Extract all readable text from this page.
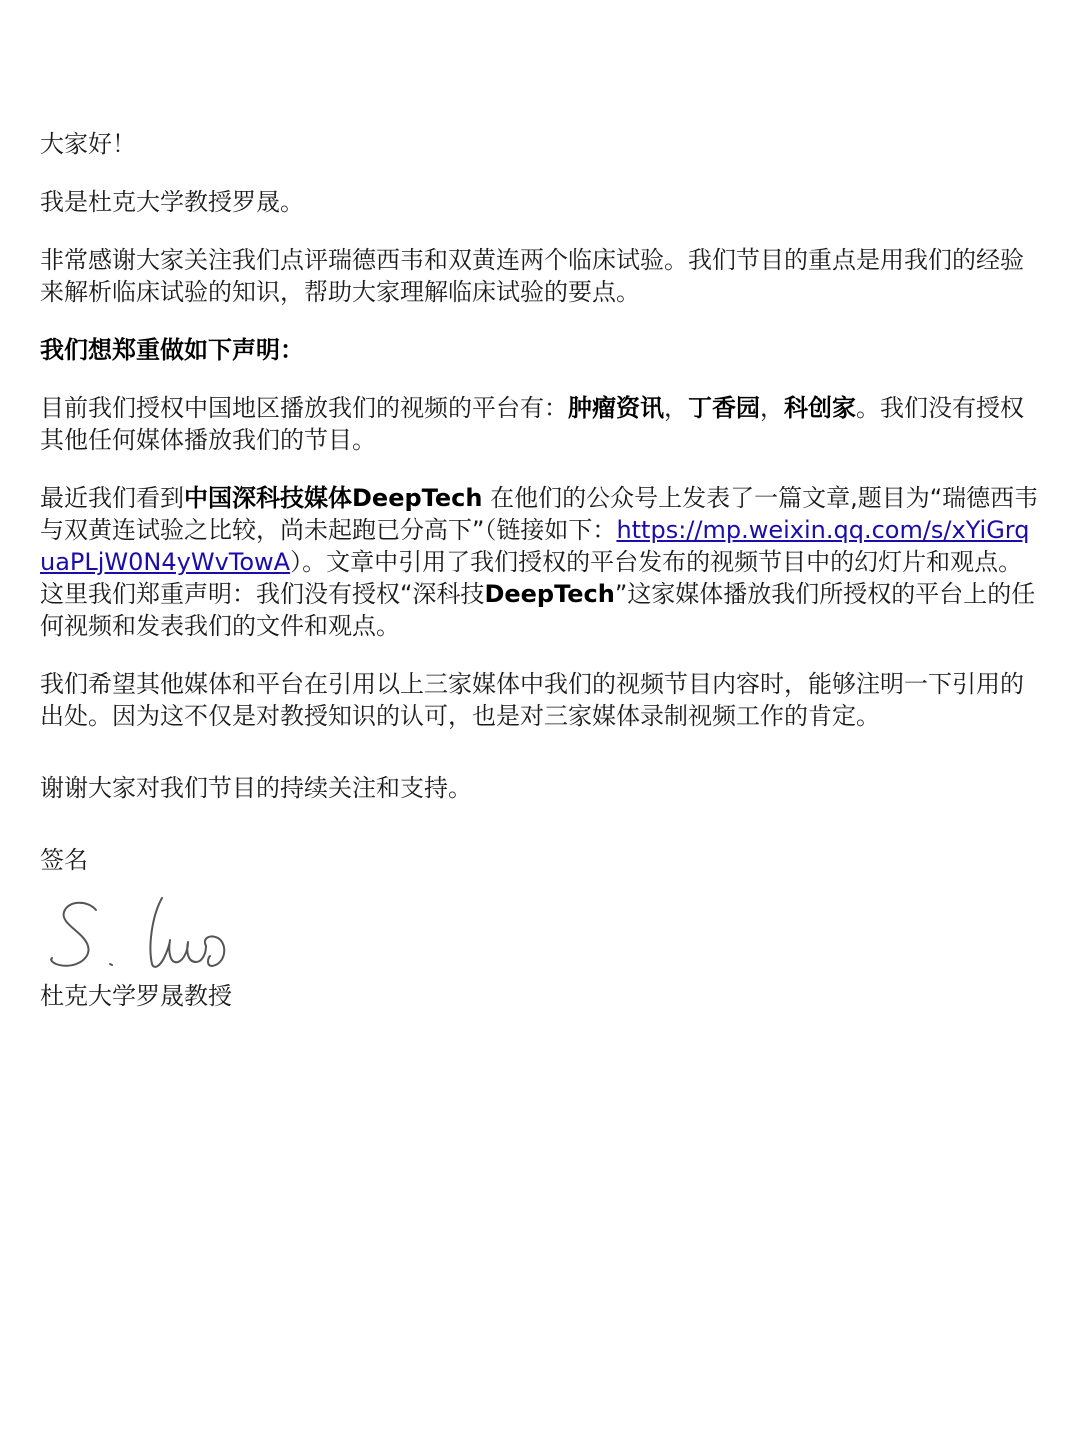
大家好！

我是杜克大学教授罗晟。

非常感谢大家关注我们点评瑞德西韦和双黄连两个临床试验。我们节目的重点是用我们的经验来解析临床试验的知识，帮助大家理解临床试验的要点。

我们想郑重做如下声明：

目前我们授权中国地区播放我们的视频的平台有：肿瘤资讯，丁香园，科创家。我们没有授权其他任何媒体播放我们的节目。

最近我们看到中国深科技媒体DeepTech 在他们的公众号上发表了一篇文章,题目为“瑞德西韦与双黄连试验之比较，尚未起跑已分高下”（链接如下：https://mp.weixin.qq.com/s/xYiGrquaPLjW0N4yWvTowA）。文章中引用了我们授权的平台发布的视频节目中的幻灯片和观点。这里我们郑重声明：我们没有授权“深科技DeepTech”这家媒体播放我们所授权的平台上的任何视频和发表我们的文件和观点。

我们希望其他媒体和平台在引用以上三家媒体中我们的视频节目内容时，能够注明一下引用的出处。因为这不仅是对教授知识的认可，也是对三家媒体录制视频工作的肯定。

谢谢大家对我们节目的持续关注和支持。

签名

杜克大学罗晟教授
